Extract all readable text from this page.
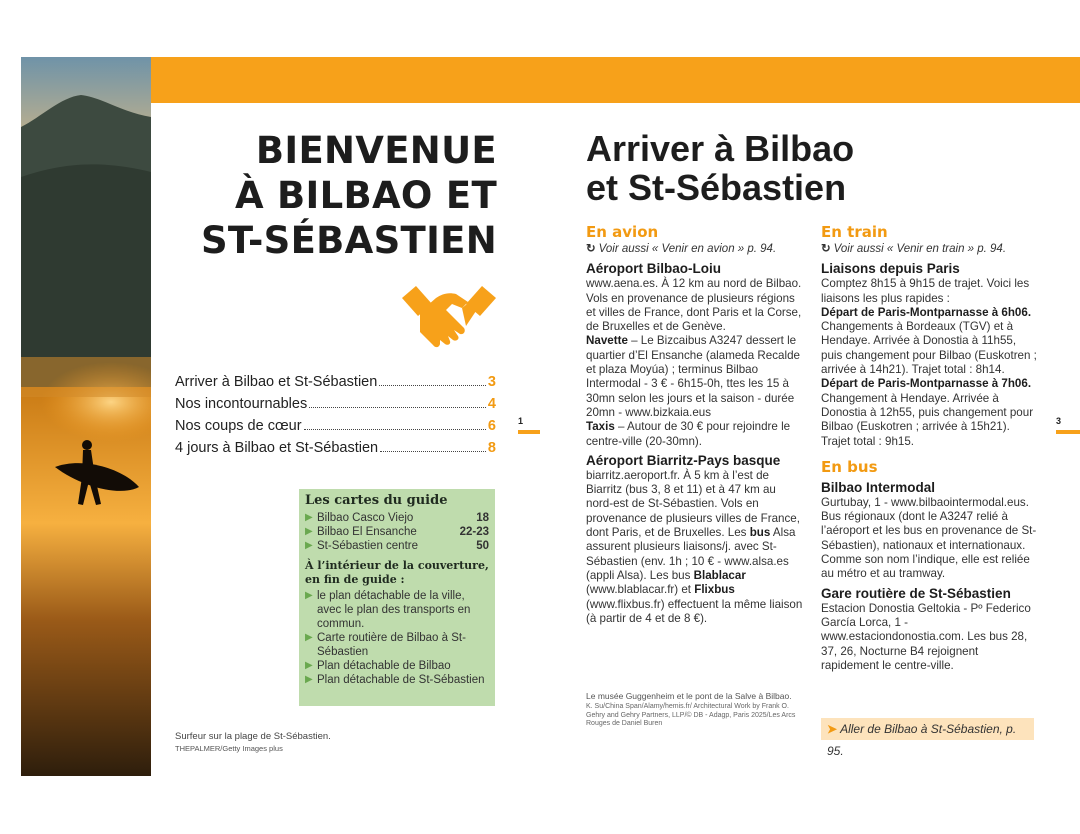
BIENVENUE
À BILBAO ET
ST-SÉBASTIEN
Arriver à Bilbao et St-Sébastien	3
Nos incontournables	4
Nos coups de cœur	6
4 jours à Bilbao et St-Sébastien	8
Les cartes du guide
▶ Bilbao Casco Viejo	18
▶ Bilbao El Ensanche	22-23
▶ St-Sébastien centre	50
À l’intérieur de la couverture, en fin de guide :
▶ le plan détachable de la ville, avec le plan des transports en commun.
▶ Carte routière de Bilbao à St-Sébastien
▶ Plan détachable de Bilbao
▶ Plan détachable de St-Sébastien
Surfeur sur la plage de St-Sébastien.
THEPALMER/Getty Images plus
1
Arriver à Bilbao
et St-Sébastien
En avion
↻ Voir aussi « Venir en avion » p. 94.
Aéroport Bilbao-Loiu
www.aena.es. À 12 km au nord de Bilbao. Vols en provenance de plusieurs régions et villes de France, dont Paris et la Corse, de Bruxelles et de Genève.
Navette – Le Bizcaibus A3247 dessert le quartier d’El Ensanche (alameda Recalde et plaza Moyúa) ; terminus Bilbao Intermodal - 3 € - 6h15-0h, ttes les 15 à 30mn selon les jours et la saison - durée 20mn - www.bizkaia.eus
Taxis – Autour de 30 € pour rejoindre le centre-ville (20-30mn).
Aéroport Biarritz-Pays basque
biarritz.aeroport.fr. À 5 km à l’est de Biarritz (bus 3, 8 et 11) et à 47 km au nord-est de St-Sébastien. Vols en provenance de plusieurs villes de France, dont Paris, et de Bruxelles. Les bus Alsa assurent plusieurs liaisons/j. avec St-Sébastien (env. 1h ; 10 € - www.alsa.es (appli Alsa). Les bus Blablacar (www.blablacar.fr) et Flixbus (www.flixbus.fr) effectuent la même liaison (à partir de 4 et de 8 €).
En train
↻ Voir aussi « Venir en train » p. 94.
Liaisons depuis Paris
Comptez 8h15 à 9h15 de trajet. Voici les liaisons les plus rapides :
Départ de Paris-Montparnasse à 6h06. Changements à Bordeaux (TGV) et à Hendaye. Arrivée à Donostia à 11h55, puis changement pour Bilbao (Euskotren ; arrivée à 14h21). Trajet total : 8h14.
Départ de Paris-Montparnasse à 7h06. Changement à Hendaye. Arrivée à Donostia à 12h55, puis changement pour Bilbao (Euskotren ; arrivée à 15h21). Trajet total : 9h15.
En bus
Bilbao Intermodal
Gurtubay, 1 - www.bilbaointermodal.eus. Bus régionaux (dont le A3247 relié à l’aéroport et les bus en provenance de St-Sébastien), nationaux et internationaux. Comme son nom l’indique, elle est reliée au métro et au tramway.
Gare routière de St-Sébastien
Estacion Donostia Geltokia - Pº Federico García Lorca, 1 - www.estaciondonostia.com. Les bus 28, 37, 26, Nocturne B4 rejoignent rapidement le centre-ville.
Le musée Guggenheim et le pont de la Salve à Bilbao.
K. Su/China Span/Alamy/hemis.fr/ Architectural Work by Frank O. Gehry and Gehry Partners, LLP/© DB - Adagp, Paris 2025/Les Arcs Rouges de Daniel Buren	➤ Aller de Bilbao à St-Sébastien, p. 95.
3
